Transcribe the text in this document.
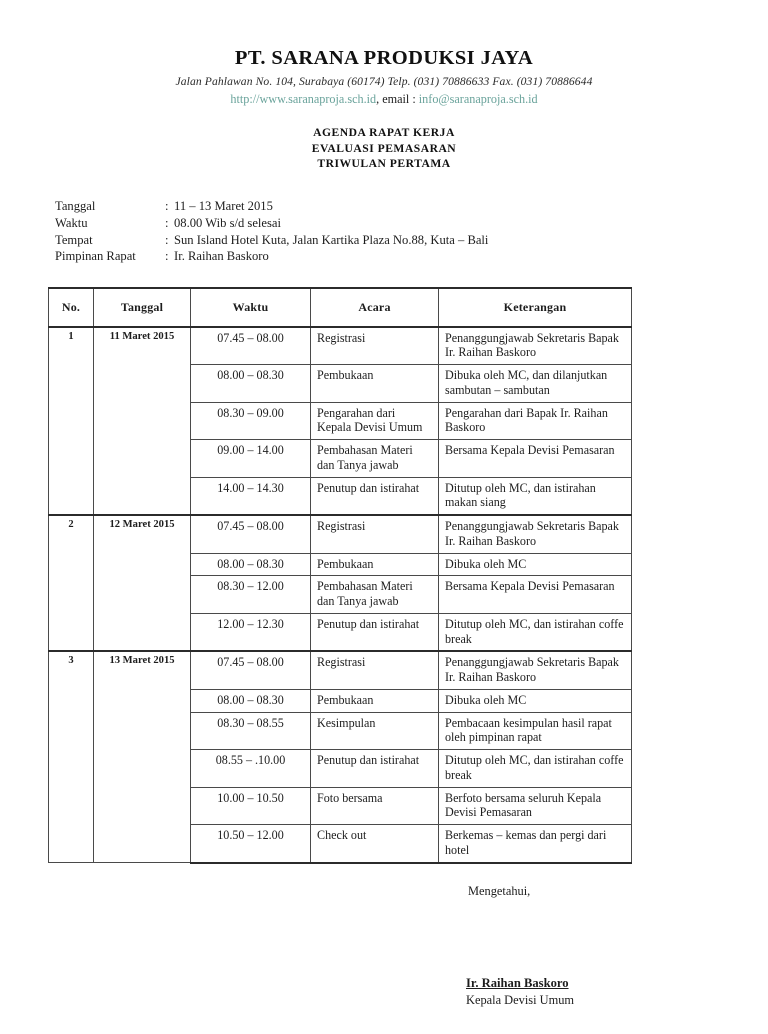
PT. SARANA PRODUKSI JAYA
Jalan Pahlawan No. 104, Surabaya (60174) Telp. (031) 70886633 Fax. (031) 70886644
http://www.saranaproja.sch.id, email : info@saranaproja.sch.id
AGENDA RAPAT KERJA
EVALUASI PEMASARAN
TRIWULAN PERTAMA
Tanggal	: 11 – 13 Maret 2015
Waktu	: 08.00 Wib s/d selesai
Tempat	: Sun Island Hotel Kuta, Jalan Kartika Plaza No.88, Kuta – Bali
Pimpinan Rapat	: Ir. Raihan Baskoro
No.	Tanggal	Waktu	Acara	Keterangan
1	11 Maret 2015	07.45 – 08.00	Registrasi	Penanggungjawab Sekretaris Bapak Ir. Raihan Baskoro
		08.00 – 08.30	Pembukaan	Dibuka oleh MC, dan dilanjutkan sambutan – sambutan
		08.30 – 09.00	Pengarahan dari Kepala Devisi Umum	Pengarahan dari Bapak Ir. Raihan Baskoro
		09.00 – 14.00	Pembahasan Materi dan Tanya jawab	Bersama Kepala Devisi Pemasaran
		14.00 – 14.30	Penutup dan istirahat	Ditutup oleh MC, dan istirahan makan siang
2	12 Maret 2015	07.45 – 08.00	Registrasi	Penanggungjawab Sekretaris Bapak Ir. Raihan Baskoro
		08.00 – 08.30	Pembukaan	Dibuka oleh MC
		08.30 – 12.00	Pembahasan Materi dan Tanya jawab	Bersama Kepala Devisi Pemasaran
		12.00 – 12.30	Penutup dan istirahat	Ditutup oleh MC, dan istirahan coffe break
3	13 Maret 2015	07.45 – 08.00	Registrasi	Penanggungjawab Sekretaris Bapak Ir. Raihan Baskoro
		08.00 – 08.30	Pembukaan	Dibuka oleh MC
		08.30 – 08.55	Kesimpulan	Pembacaan kesimpulan hasil rapat oleh pimpinan rapat
		08.55 – .10.00	Penutup dan istirahat	Ditutup oleh MC, dan istirahan coffe break
		10.00 – 10.50	Foto bersama	Berfoto bersama seluruh Kepala Devisi Pemasaran
		10.50 – 12.00	Check out	Berkemas – kemas dan pergi dari hotel
Mengetahui,
Ir. Raihan Baskoro
Kepala Devisi Umum
